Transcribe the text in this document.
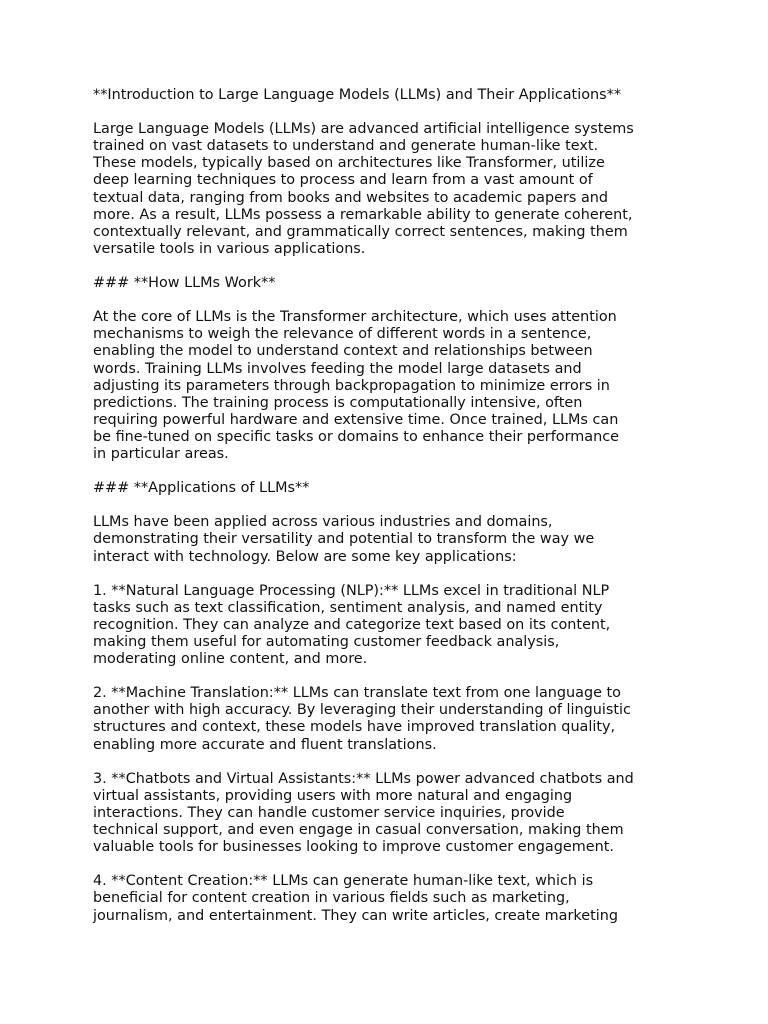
**Introduction to Large Language Models (LLMs) and Their Applications**

Large Language Models (LLMs) are advanced artificial intelligence systems
trained on vast datasets to understand and generate human-like text.
These models, typically based on architectures like Transformer, utilize
deep learning techniques to process and learn from a vast amount of
textual data, ranging from books and websites to academic papers and
more. As a result, LLMs possess a remarkable ability to generate coherent,
contextually relevant, and grammatically correct sentences, making them
versatile tools in various applications.

### **How LLMs Work**

At the core of LLMs is the Transformer architecture, which uses attention
mechanisms to weigh the relevance of different words in a sentence,
enabling the model to understand context and relationships between
words. Training LLMs involves feeding the model large datasets and
adjusting its parameters through backpropagation to minimize errors in
predictions. The training process is computationally intensive, often
requiring powerful hardware and extensive time. Once trained, LLMs can
be fine-tuned on specific tasks or domains to enhance their performance
in particular areas.

### **Applications of LLMs**

LLMs have been applied across various industries and domains,
demonstrating their versatility and potential to transform the way we
interact with technology. Below are some key applications:

1. **Natural Language Processing (NLP):** LLMs excel in traditional NLP
tasks such as text classification, sentiment analysis, and named entity
recognition. They can analyze and categorize text based on its content,
making them useful for automating customer feedback analysis,
moderating online content, and more.

2. **Machine Translation:** LLMs can translate text from one language to
another with high accuracy. By leveraging their understanding of linguistic
structures and context, these models have improved translation quality,
enabling more accurate and fluent translations.

3. **Chatbots and Virtual Assistants:** LLMs power advanced chatbots and
virtual assistants, providing users with more natural and engaging
interactions. They can handle customer service inquiries, provide
technical support, and even engage in casual conversation, making them
valuable tools for businesses looking to improve customer engagement.

4. **Content Creation:** LLMs can generate human-like text, which is
beneficial for content creation in various fields such as marketing,
journalism, and entertainment. They can write articles, create marketing
